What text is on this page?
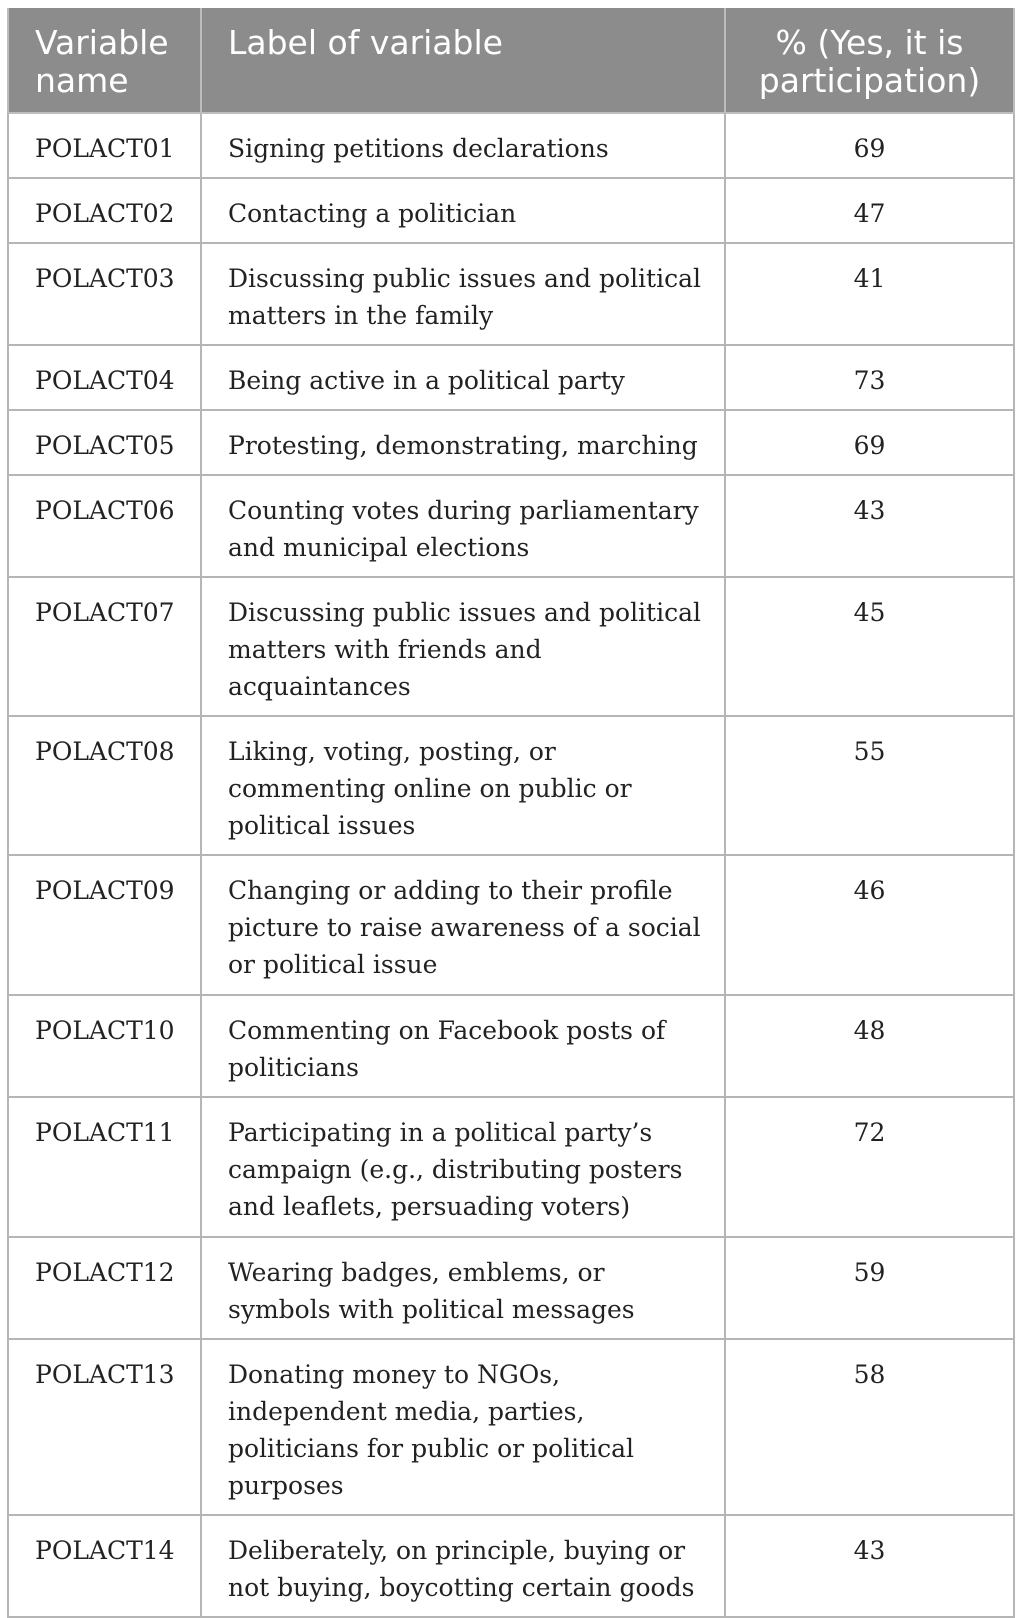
Variable name	Label of variable	% (Yes, it is participation)
POLACT01	Signing petitions declarations	69
POLACT02	Contacting a politician	47
POLACT03	Discussing public issues and political matters in the family	41
POLACT04	Being active in a political party	73
POLACT05	Protesting, demonstrating, marching	69
POLACT06	Counting votes during parliamentary and municipal elections	43
POLACT07	Discussing public issues and political matters with friends and acquaintances	45
POLACT08	Liking, voting, posting, or commenting online on public or political issues	55
POLACT09	Changing or adding to their profile picture to raise awareness of a social or political issue	46
POLACT10	Commenting on Facebook posts of politicians	48
POLACT11	Participating in a political party’s campaign (e.g., distributing posters and leaflets, persuading voters)	72
POLACT12	Wearing badges, emblems, or symbols with political messages	59
POLACT13	Donating money to NGOs, independent media, parties, politicians for public or political purposes	58
POLACT14	Deliberately, on principle, buying or not buying, boycotting certain goods	43
